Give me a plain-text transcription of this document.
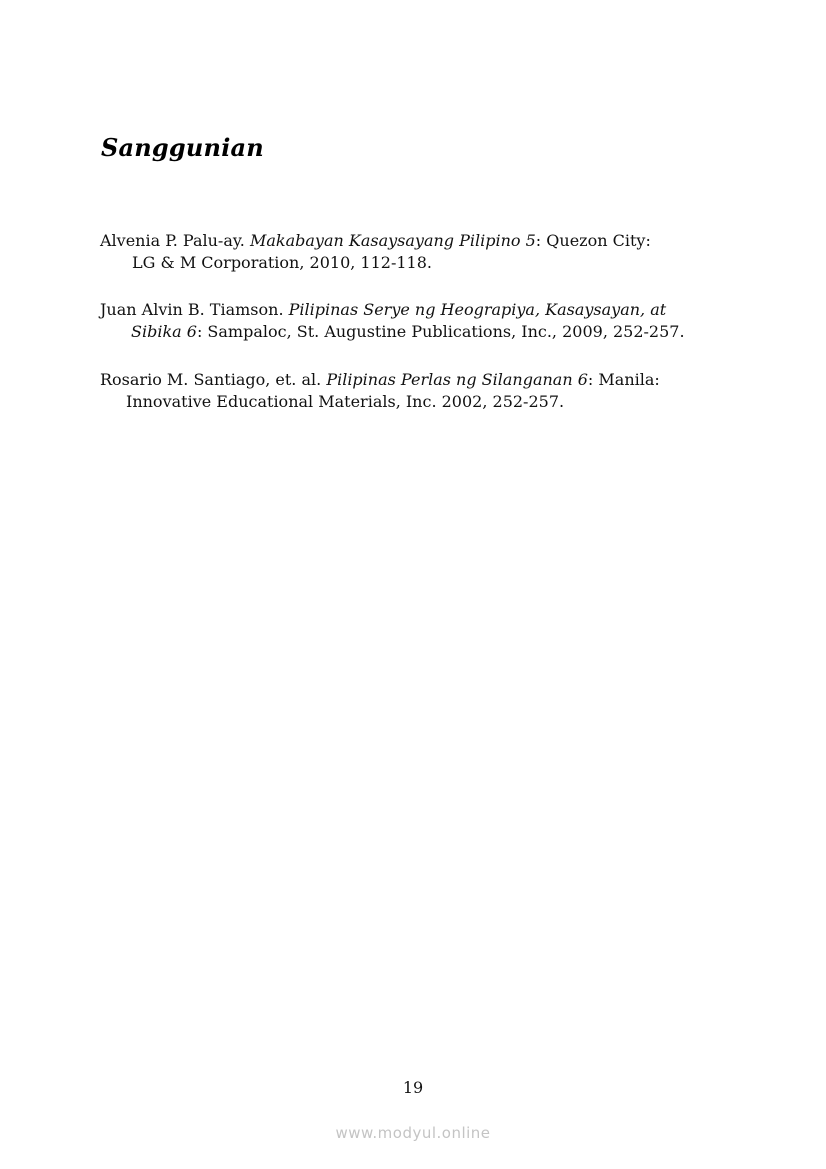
Sanggunian

Alvenia P. Palu-ay. Makabayan Kasaysayang Pilipino 5: Quezon City:
LG & M Corporation, 2010, 112-118.

Juan Alvin B. Tiamson. Pilipinas Serye ng Heograpiya, Kasaysayan, at
Sibika 6: Sampaloc, St. Augustine Publications, Inc., 2009, 252-257.

Rosario M. Santiago, et. al. Pilipinas Perlas ng Silanganan 6: Manila:
Innovative Educational Materials, Inc. 2002, 252-257.

19
www.modyul.online
